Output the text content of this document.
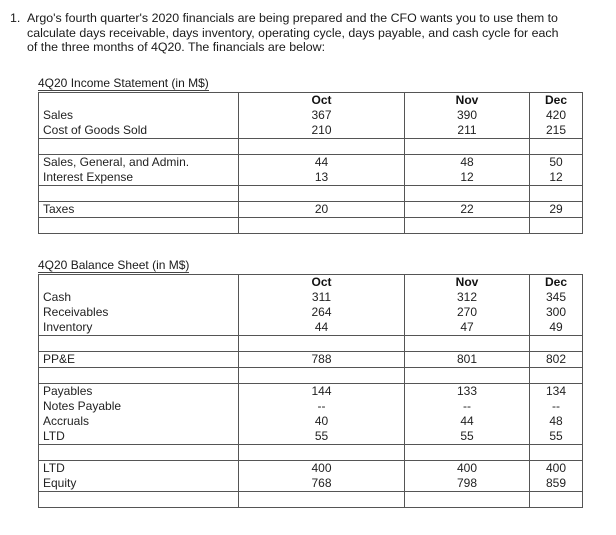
1. Argo's fourth quarter's 2020 financials are being prepared and the CFO wants you to use them to calculate days receivable, days inventory, operating cycle, days payable, and cash cycle for each of the three months of 4Q20. The financials are below:
4Q20 Income Statement (in M$)
	Oct	Nov	Dec
Sales	367	390	420
Cost of Goods Sold	210	211	215

Sales, General, and Admin.	44	48	50
Interest Expense	13	12	12

Taxes	20	22	29

4Q20 Balance Sheet (in M$)
	Oct	Nov	Dec
Cash	311	312	345
Receivables	264	270	300
Inventory	44	47	49

PP&E	788	801	802

Payables	144	133	134
Notes Payable	--	--	--
Accruals	40	44	48
LTD	55	55	55

LTD	400	400	400
Equity	768	798	859
